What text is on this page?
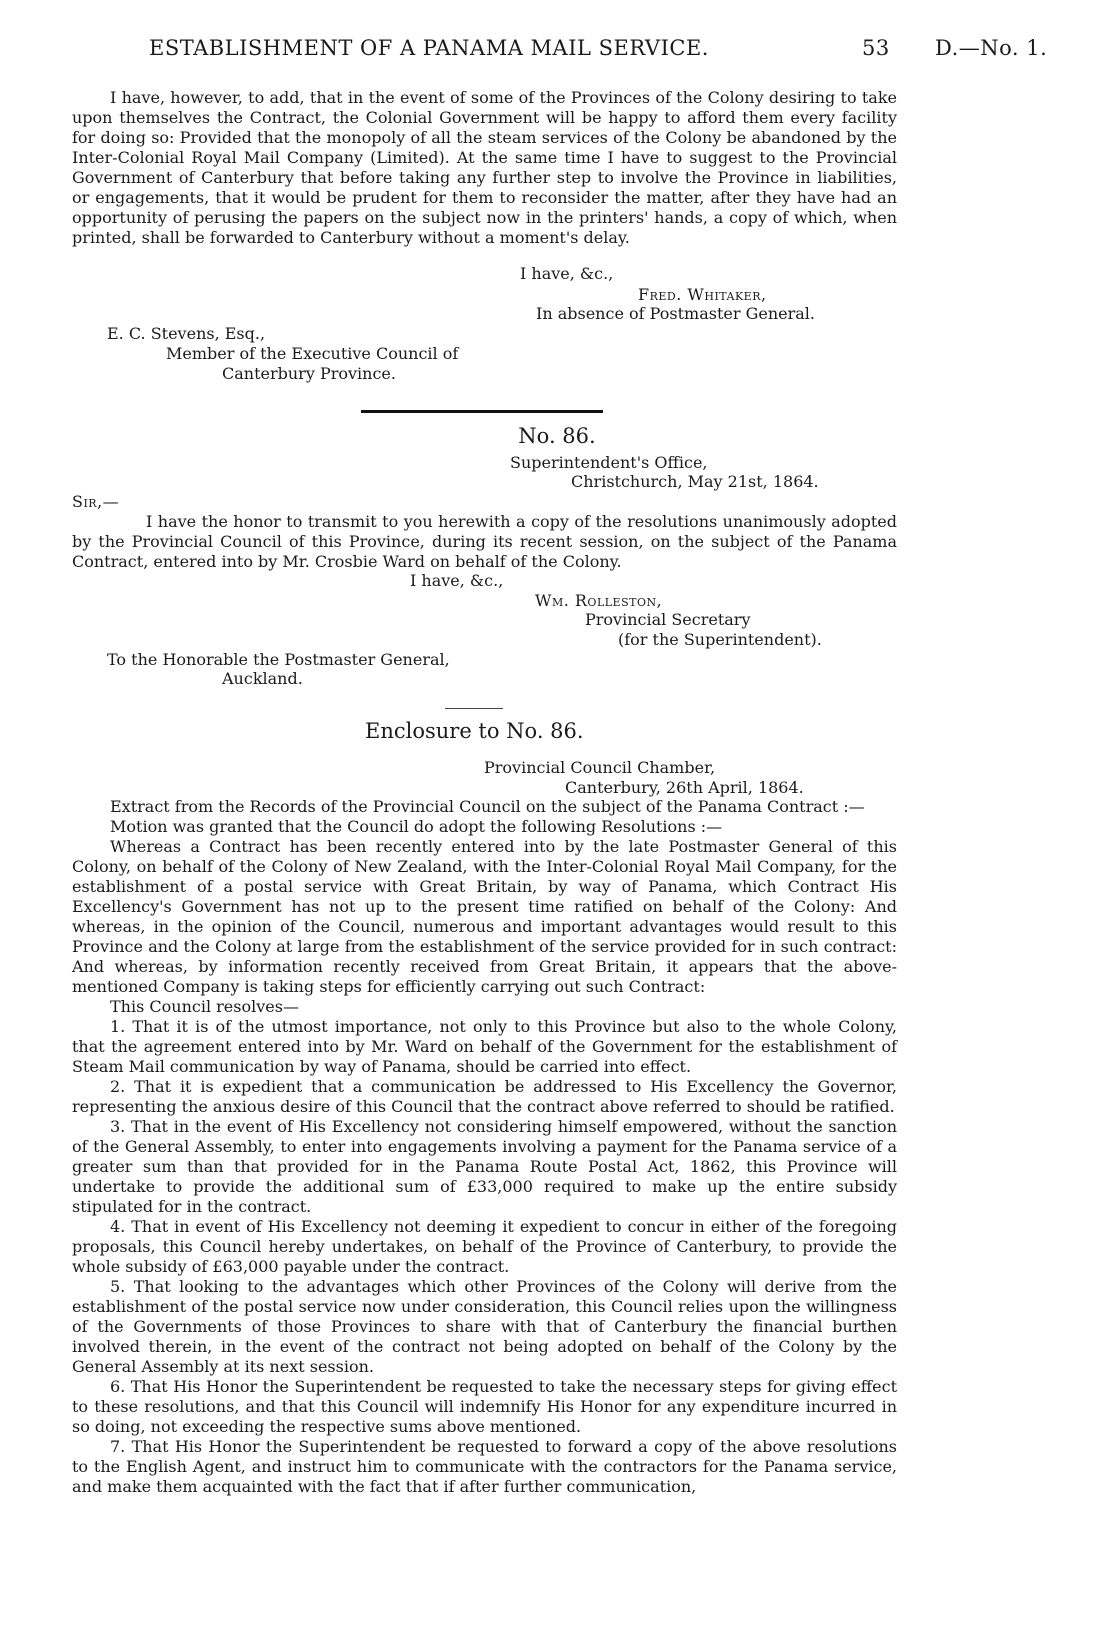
ESTABLISHMENT OF A PANAMA MAIL SERVICE.	53 D.—No. 1.

I have, however, to add, that in the event of some of the Provinces of the Colony desiring to take upon themselves the Contract, the Colonial Government will be happy to afford them every facility for doing so: Provided that the monopoly of all the steam services of the Colony be abandoned by the Inter-Colonial Royal Mail Company (Limited). At the same time I have to suggest to the Provincial Government of Canterbury that before taking any further step to involve the Province in liabilities, or engagements, that it would be prudent for them to reconsider the matter, after they have had an opportunity of perusing the papers on the subject now in the printers' hands, a copy of which, when printed, shall be forwarded to Canterbury without a moment's delay.

I have, &c.,
Fred. Whitaker,
In absence of Postmaster General.
E. C. Stevens, Esq.,
Member of the Executive Council of
Canterbury Province.
No. 86.
Superintendent's Office,
Christchurch, May 21st, 1864.
Sir,—

I have the honor to transmit to you herewith a copy of the resolutions unanimously adopted by the Provincial Council of this Province, during its recent session, on the subject of the Panama Contract, entered into by Mr. Crosbie Ward on behalf of the Colony.

I have, &c.,
Wm. Rolleston,
Provincial Secretary
(for the Superintendent).
To the Honorable the Postmaster General,
Auckland.
Enclosure to No. 86.
Provincial Council Chamber,
Canterbury, 26th April, 1864.

Extract from the Records of the Provincial Council on the subject of the Panama Contract :—

Motion was granted that the Council do adopt the following Resolutions :—

Whereas a Contract has been recently entered into by the late Postmaster General of this Colony, on behalf of the Colony of New Zealand, with the Inter-Colonial Royal Mail Company, for the establishment of a postal service with Great Britain, by way of Panama, which Contract His Excellency's Government has not up to the present time ratified on behalf of the Colony: And whereas, in the opinion of the Council, numerous and important advantages would result to this Province and the Colony at large from the establishment of the service provided for in such contract: And whereas, by information recently received from Great Britain, it appears that the above-mentioned Company is taking steps for efficiently carrying out such Contract:

This Council resolves—

1. That it is of the utmost importance, not only to this Province but also to the whole Colony, that the agreement entered into by Mr. Ward on behalf of the Government for the establishment of Steam Mail communication by way of Panama, should be carried into effect.

2. That it is expedient that a communication be addressed to His Excellency the Governor, representing the anxious desire of this Council that the contract above referred to should be ratified.

3. That in the event of His Excellency not considering himself empowered, without the sanction of the General Assembly, to enter into engagements involving a payment for the Panama service of a greater sum than that provided for in the Panama Route Postal Act, 1862, this Province will undertake to provide the additional sum of £33,000 required to make up the entire subsidy stipulated for in the contract.

4. That in event of His Excellency not deeming it expedient to concur in either of the foregoing proposals, this Council hereby undertakes, on behalf of the Province of Canterbury, to provide the whole subsidy of £63,000 payable under the contract.

5. That looking to the advantages which other Provinces of the Colony will derive from the establishment of the postal service now under consideration, this Council relies upon the willingness of the Governments of those Provinces to share with that of Canterbury the financial burthen involved therein, in the event of the contract not being adopted on behalf of the Colony by the General Assembly at its next session.

6. That His Honor the Superintendent be requested to take the necessary steps for giving effect to these resolutions, and that this Council will indemnify His Honor for any expenditure incurred in so doing, not exceeding the respective sums above mentioned.

7. That His Honor the Superintendent be requested to forward a copy of the above resolutions to the English Agent, and instruct him to communicate with the contractors for the Panama service, and make them acquainted with the fact that if after further communication,
